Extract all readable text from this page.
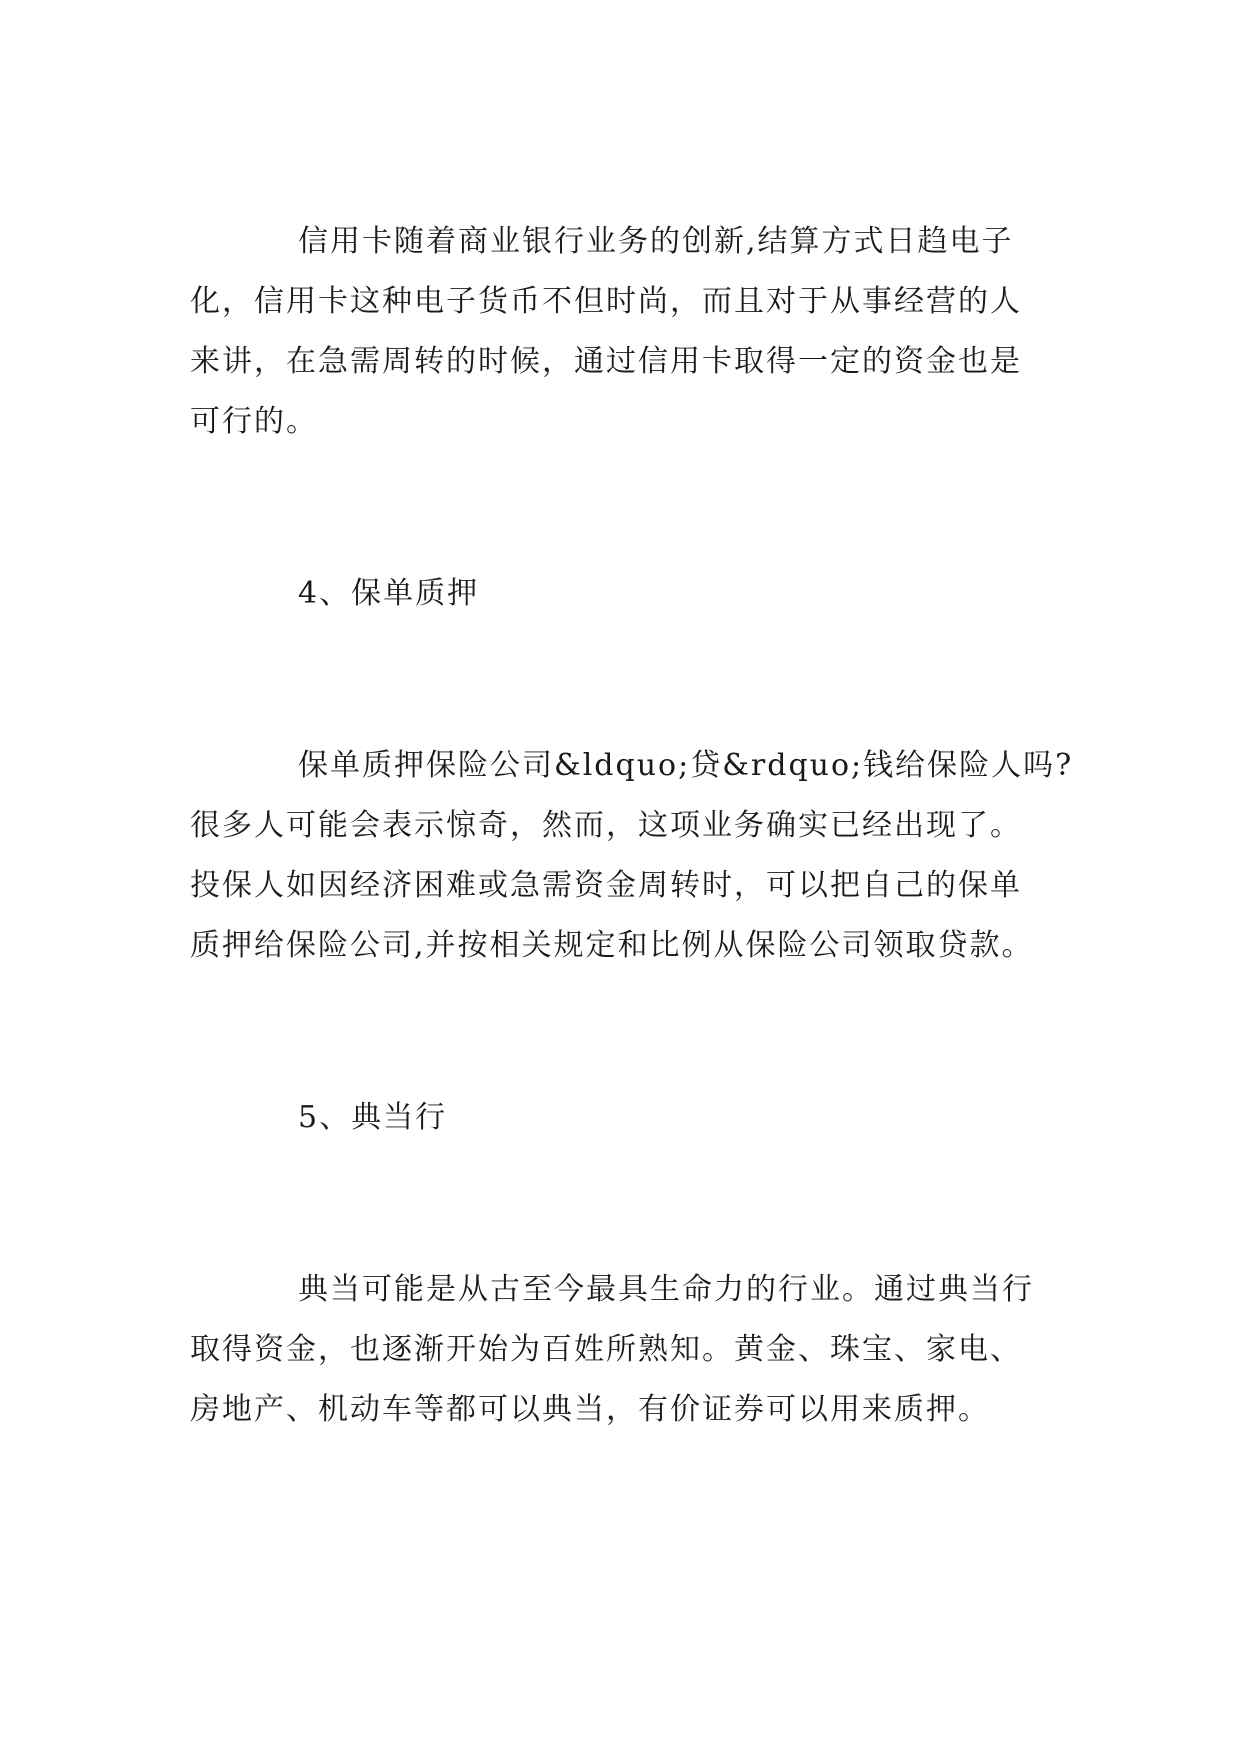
信用卡随着商业银行业务的创新,结算方式日趋电子
化，信用卡这种电子货币不但时尚，而且对于从事经营的人
来讲，在急需周转的时候，通过信用卡取得一定的资金也是
可行的。
4、保单质押
保单质押保险公司&ldquo;贷&rdquo;钱给保险人吗?
很多人可能会表示惊奇，然而，这项业务确实已经出现了。
投保人如因经济困难或急需资金周转时，可以把自己的保单
质押给保险公司,并按相关规定和比例从保险公司领取贷款。
5、典当行
典当可能是从古至今最具生命力的行业。通过典当行
取得资金，也逐渐开始为百姓所熟知。黄金、珠宝、家电、
房地产、机动车等都可以典当，有价证券可以用来质押。
